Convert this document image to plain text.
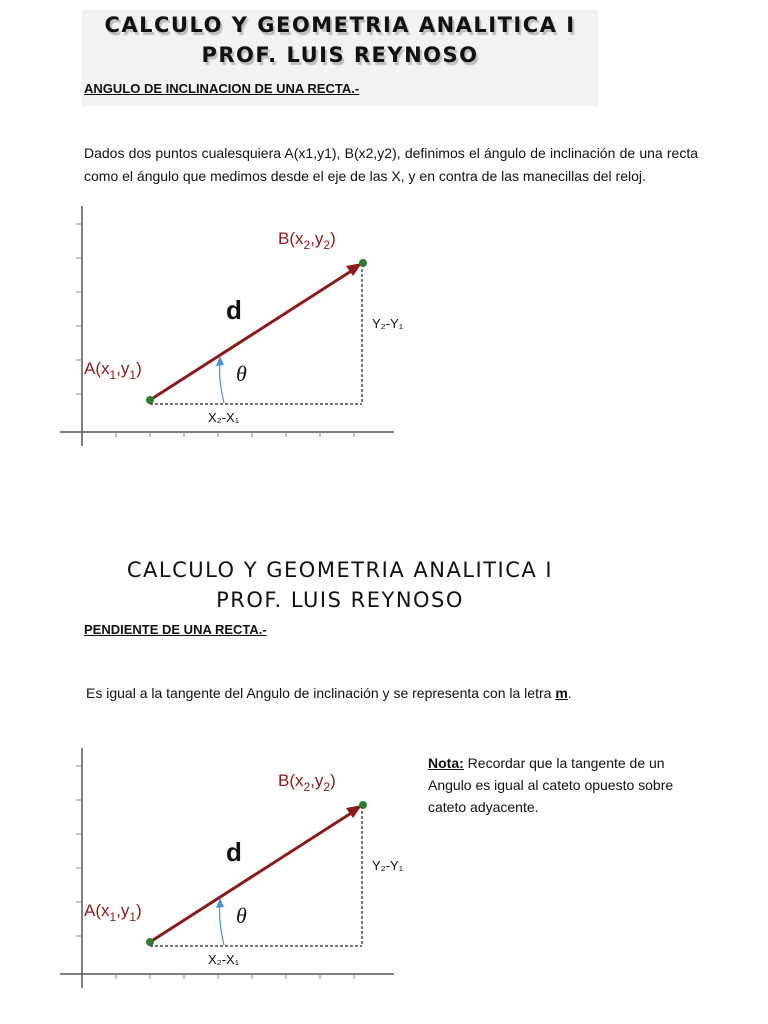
CALCULO Y GEOMETRIA ANALITICA I
PROF. LUIS REYNOSO
ANGULO DE INCLINACION DE UNA RECTA.-
Dados dos puntos cualesquiera A(x1,y1), B(x2,y2), definimos el ángulo de inclinación de una recta como el ángulo que medimos desde el eje de las X, y en contra de las manecillas del reloj.
$A(x_1,y_1)$
$B(x_2,y_2)$
d
θ
X₂-X₁
Y₂-Y₁
CALCULO Y GEOMETRIA ANALITICA I
PROF. LUIS REYNOSO
PENDIENTE DE UNA RECTA.-
Es igual a la tangente del Angulo de inclinación y se representa con la letra m.
$A(x_1,y_1)$
$B(x_2,y_2)$
d
θ
X₂-X₁
Y₂-Y₁
Nota: Recordar que la tangente de un Angulo es igual al cateto opuesto sobre cateto adyacente.
